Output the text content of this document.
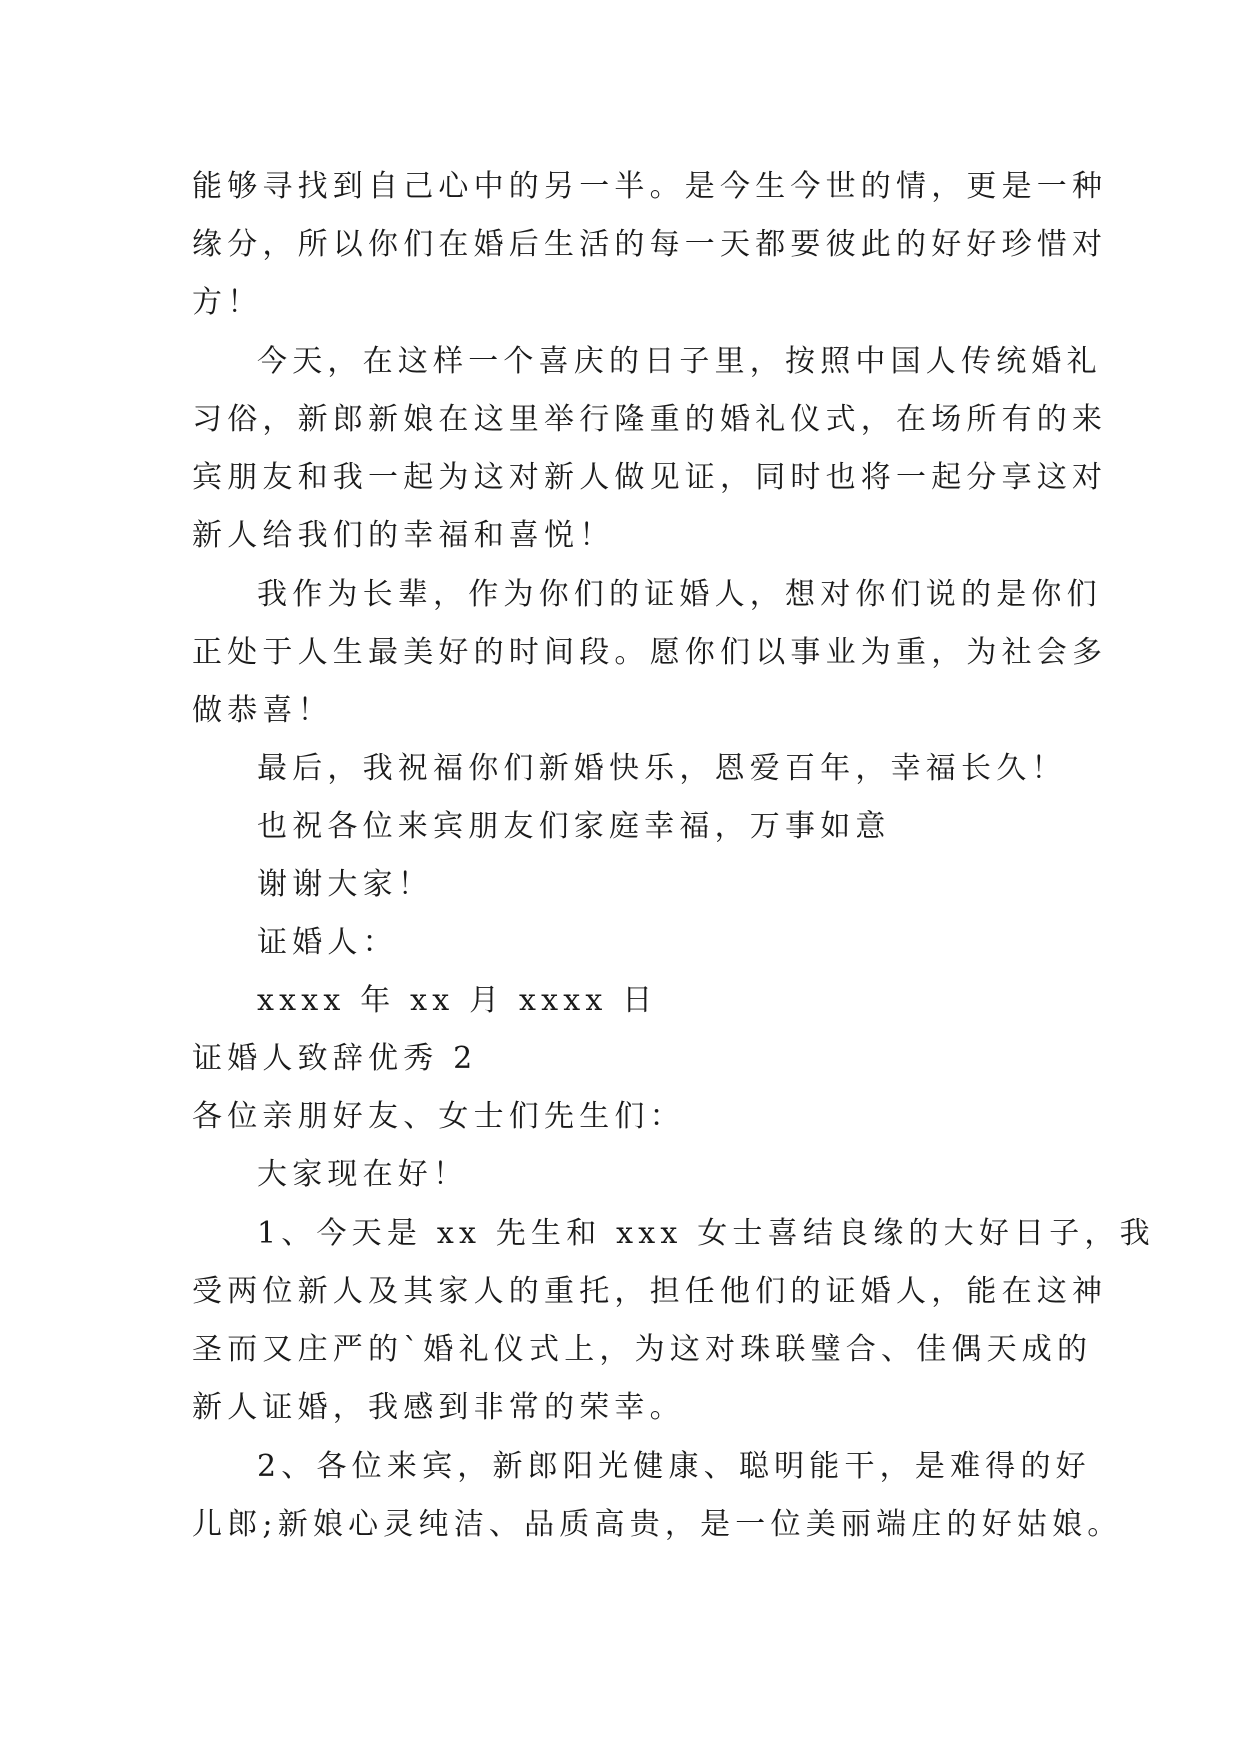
能够寻找到自己心中的另一半。是今生今世的情，更是一种
缘分，所以你们在婚后生活的每一天都要彼此的好好珍惜对
方！
今天，在这样一个喜庆的日子里，按照中国人传统婚礼
习俗，新郎新娘在这里举行隆重的婚礼仪式，在场所有的来
宾朋友和我一起为这对新人做见证，同时也将一起分享这对
新人给我们的幸福和喜悦！
我作为长辈，作为你们的证婚人，想对你们说的是你们
正处于人生最美好的时间段。愿你们以事业为重，为社会多
做恭喜！
最后，我祝福你们新婚快乐，恩爱百年，幸福长久！
也祝各位来宾朋友们家庭幸福，万事如意
谢谢大家！
证婚人：
xxxx 年 xx 月 xxxx 日
证婚人致辞优秀 2
各位亲朋好友、女士们先生们：
大家现在好！
1、今天是 xx 先生和 xxx 女士喜结良缘的大好日子，我
受两位新人及其家人的重托，担任他们的证婚人，能在这神
圣而又庄严的`婚礼仪式上，为这对珠联璧合、佳偶天成的
新人证婚，我感到非常的荣幸。
2、各位来宾，新郎阳光健康、聪明能干，是难得的好
儿郎;新娘心灵纯洁、品质高贵，是一位美丽端庄的好姑娘。
